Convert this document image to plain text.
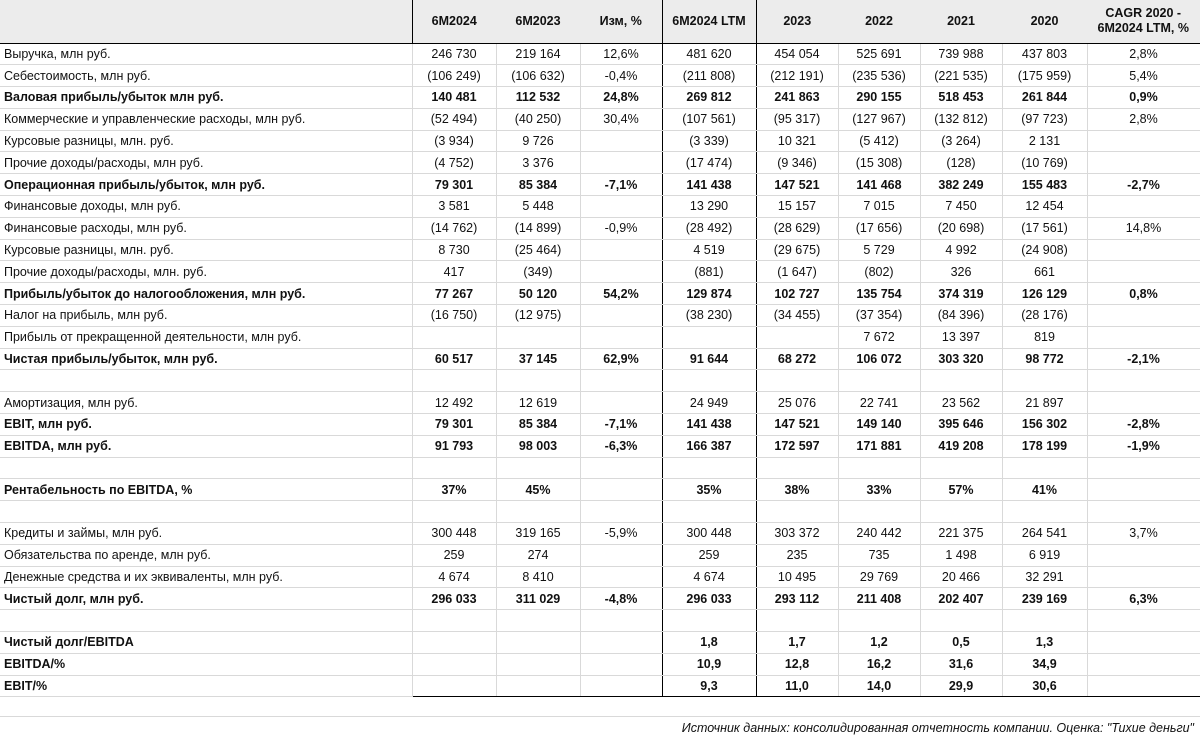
	6M2024	6M2023	Изм, %	6M2024 LTM	2023	2022	2021	2020	CAGR 2020 - 6M2024 LTM, %
Выручка, млн руб.	246 730	219 164	12,6%	481 620	454 054	525 691	739 988	437 803	2,8%
Себестоимость, млн руб.	(106 249)	(106 632)	-0,4%	(211 808)	(212 191)	(235 536)	(221 535)	(175 959)	5,4%
Валовая прибыль/убыток млн руб.	140 481	112 532	24,8%	269 812	241 863	290 155	518 453	261 844	0,9%
Коммерческие и управленческие расходы, млн руб.	(52 494)	(40 250)	30,4%	(107 561)	(95 317)	(127 967)	(132 812)	(97 723)	2,8%
Курсовые разницы, млн. руб.	(3 934)	9 726		(3 339)	10 321	(5 412)	(3 264)	2 131	
Прочие доходы/расходы, млн руб.	(4 752)	3 376		(17 474)	(9 346)	(15 308)	(128)	(10 769)	
Операционная прибыль/убыток, млн руб.	79 301	85 384	-7,1%	141 438	147 521	141 468	382 249	155 483	-2,7%
Финансовые доходы, млн руб.	3 581	5 448		13 290	15 157	7 015	7 450	12 454	
Финансовые расходы, млн руб.	(14 762)	(14 899)	-0,9%	(28 492)	(28 629)	(17 656)	(20 698)	(17 561)	14,8%
Курсовые разницы, млн. руб.	8 730	(25 464)		4 519	(29 675)	5 729	4 992	(24 908)	
Прочие доходы/расходы, млн. руб.	417	(349)		(881)	(1 647)	(802)	326	661	
Прибыль/убыток до налогообложения, млн руб.	77 267	50 120	54,2%	129 874	102 727	135 754	374 319	126 129	0,8%
Налог на прибыль, млн руб.	(16 750)	(12 975)		(38 230)	(34 455)	(37 354)	(84 396)	(28 176)	
Прибыль от прекращенной деятельности, млн руб.						7 672	13 397	819	
Чистая прибыль/убыток, млн руб.	60 517	37 145	62,9%	91 644	68 272	106 072	303 320	98 772	-2,1%

Амортизация, млн руб.	12 492	12 619		24 949	25 076	22 741	23 562	21 897	
EBIT, млн руб.	79 301	85 384	-7,1%	141 438	147 521	149 140	395 646	156 302	-2,8%
EBITDA, млн руб.	91 793	98 003	-6,3%	166 387	172 597	171 881	419 208	178 199	-1,9%

Рентабельность по EBITDA, %	37%	45%		35%	38%	33%	57%	41%	

Кредиты и займы, млн руб.	300 448	319 165	-5,9%	300 448	303 372	240 442	221 375	264 541	3,7%
Обязательства по аренде, млн руб.	259	274		259	235	735	1 498	6 919	
Денежные средства и их эквиваленты, млн руб.	4 674	8 410		4 674	10 495	29 769	20 466	32 291	
Чистый долг, млн руб.	296 033	311 029	-4,8%	296 033	293 112	211 408	202 407	239 169	6,3%

Чистый долг/EBITDA				1,8	1,7	1,2	0,5	1,3	
EBITDA/%				10,9	12,8	16,2	31,6	34,9	
EBIT/%				9,3	11,0	14,0	29,9	30,6	
Источник данных: консолидированная отчетность компании. Оценка: "Тихие деньги"
